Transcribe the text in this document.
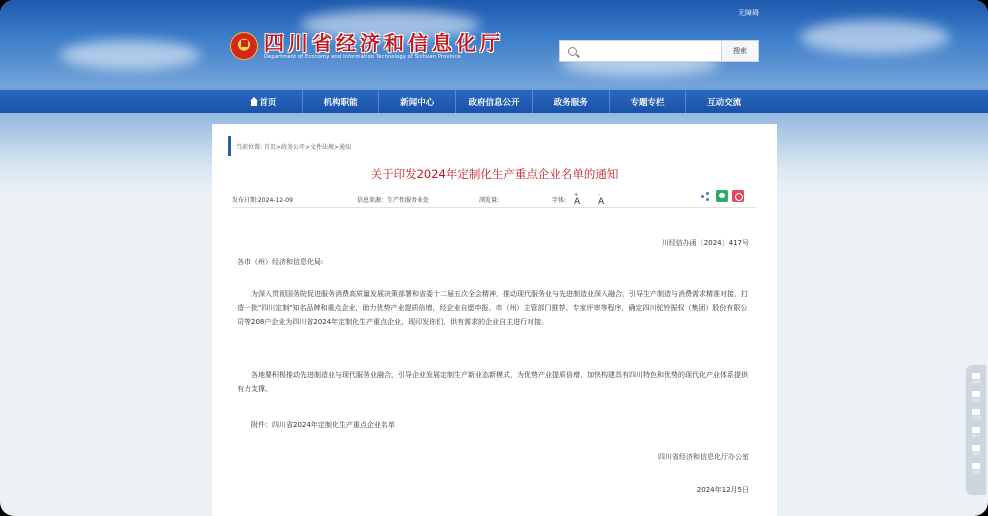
无障碍
四川省经济和信息化厅
Department of Economy and Information Technology of Sichuan Province
搜索
首页	机构职能	新闻中心	政府信息公开	政务服务	专题专栏	互动交流
当前位置: 首页>政务公开>文件法规>通知
关于印发2024年定制化生产重点企业名单的通知
发布日期:2024-12-09	信息来源：生产性服务业处	浏览量:	字体: A
+
A
-
川经信办函〔2024〕417号
各市（州）经济和信息化局:
为深入贯彻国务院促进服务消费高质量发展决策部署和省委十二届五次全会精神，推动现代服务业与先进制造业深入融合，引导生产制造与消费需求精准对接，打造一批"四川定制"知名品牌和重点企业，助力优势产业提质倍增，经企业自愿申报、市（州）主管部门推荐、专家评审等程序，确定四川驼铃振权（集团）股份有限公司等208户企业为四川省2024年定制化生产重点企业，现印发你们，供有需求的企业自主进行对接。
各地要积极推动先进制造业与现代服务业融合，引导企业发展定制生产新业态新模式，为优势产业提质倍增，加快构建具有四川特色和优势的现代化产业体系提供有力支撑。
附件：四川省2024年定制化生产重点企业名单
四川省经济和信息化厅办公室
2024年12月5日
无障碍
读屏
大字幕
放大
指读
设置
